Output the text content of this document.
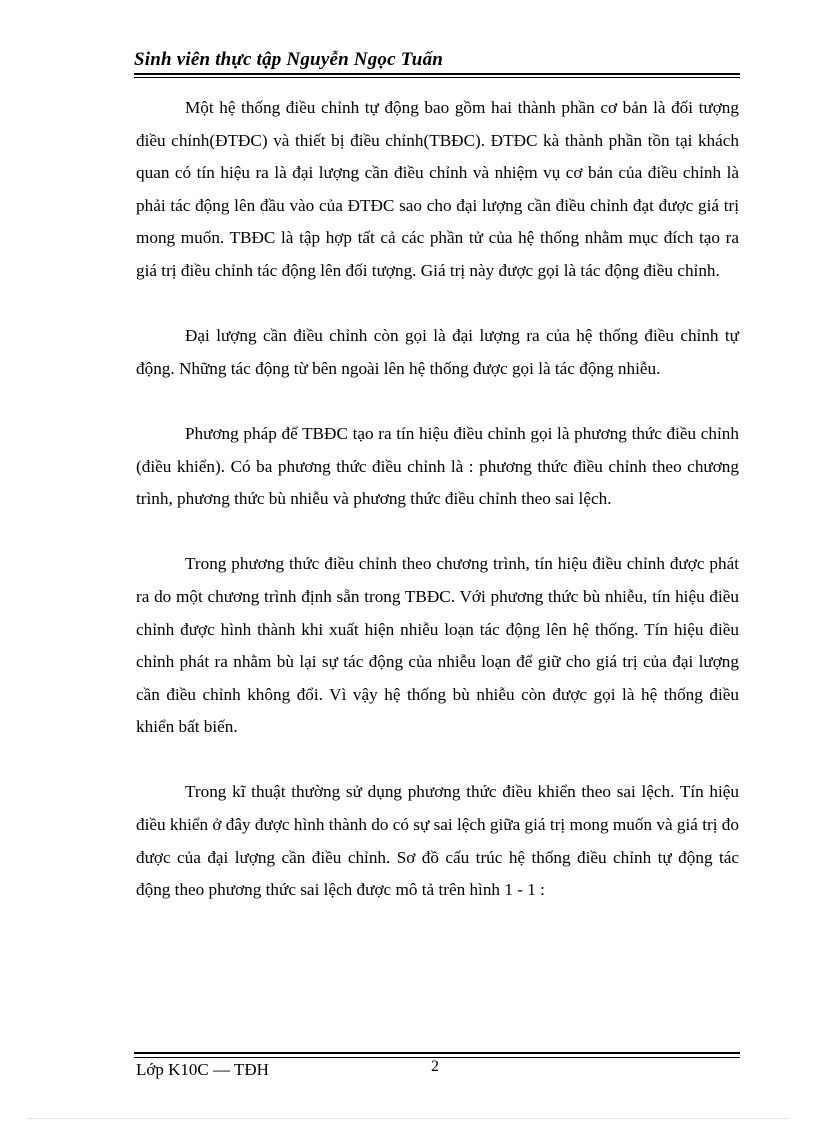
Sinh viên thực tập Nguyễn Ngọc Tuấn

Một hệ thống điều chỉnh tự động bao gồm hai thành phần cơ bản là đối tượng điều chỉnh(ĐTĐC) và thiết bị điều chỉnh(TBĐC). ĐTĐC kà thành phần tồn tại khách quan có tín hiệu ra là đại lượng cần điều chỉnh và nhiệm vụ cơ bản của điều chỉnh là phải tác động lên đầu vào của ĐTĐC sao cho đại lượng cần điều chỉnh đạt được giá trị mong muốn. TBĐC là tập hợp tất cả các phần tử của hệ thống nhằm mục đích tạo ra giá trị điều chỉnh tác động lên đối tượng. Giá trị này được gọi là tác động điều chỉnh.

Đại lượng cần điều chỉnh còn gọi là đại lượng ra của hệ thống điều chỉnh tự động. Những tác động từ bên ngoài lên hệ thống được gọi là tác động nhiễu.

Phương pháp để TBĐC tạo ra tín hiệu điều chỉnh gọi là phương thức điều chỉnh (điều khiển). Có ba phương thức điều chỉnh là : phương thức điều chỉnh theo chương trình, phương thức bù nhiễu và phương thức điều chỉnh theo sai lệch.

Trong phương thức điều chỉnh theo chương trình, tín hiệu điều chỉnh được phát ra do một chương trình định sẵn trong TBĐC. Với phương thức bù nhiễu, tín hiệu điều chỉnh được hình thành khi xuất hiện nhiễu loạn tác động lên hệ thống. Tín hiệu điều chỉnh phát ra nhằm bù lại sự tác động của nhiễu loạn để giữ cho giá trị của đại lượng cần điều chỉnh không đổi. Vì vậy hệ thống bù nhiễu còn được gọi là hệ thống điều khiển bất biến.

Trong kĩ thuật thường sử dụng phương thức điều khiển theo sai lệch. Tín hiệu điều khiển ở đây được hình thành do có sự sai lệch giữa giá trị mong muốn và giá trị đo được của đại lượng cần điều chỉnh. Sơ đồ cấu trúc hệ thống điều chỉnh tự động tác động theo phương thức sai lệch được mô tả trên hình 1 - 1 :

Lớp K10C — TĐH	2
